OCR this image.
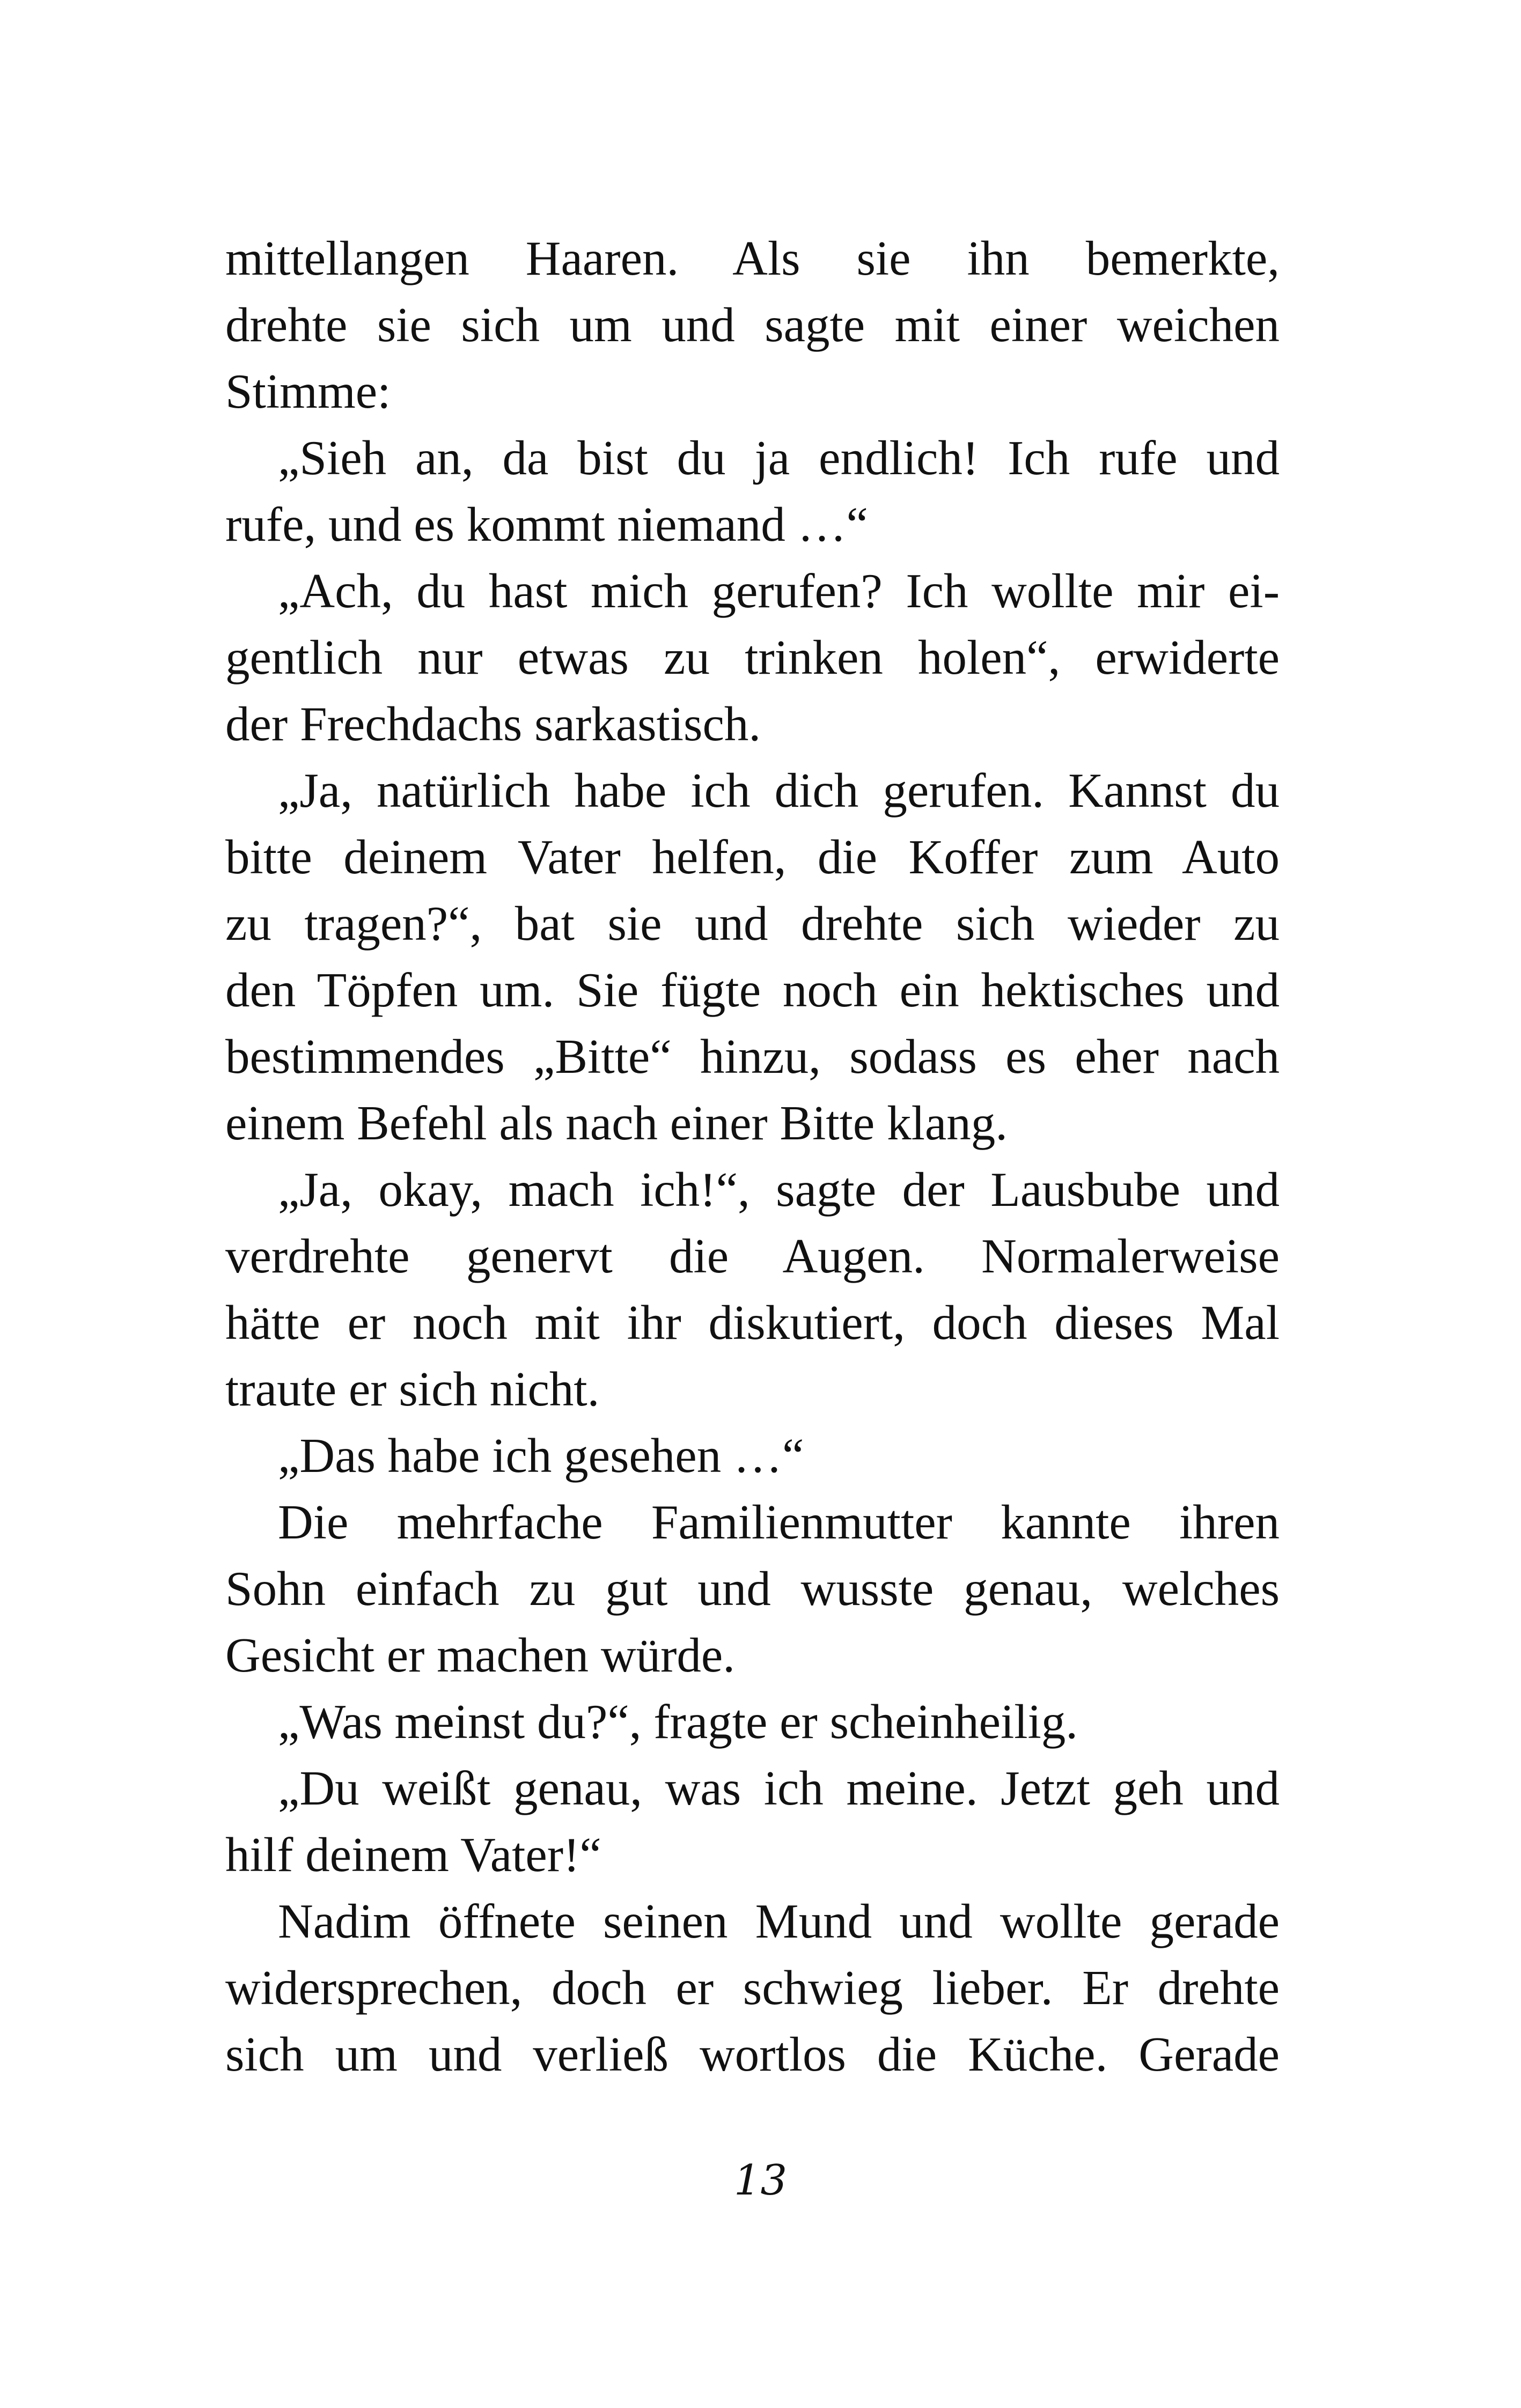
mittellangen Haaren. Als sie ihn bemerkte,
drehte sie sich um und sagte mit einer weichen
Stimme:
„Sieh an, da bist du ja endlich! Ich rufe und
rufe, und es kommt niemand …“
„Ach, du hast mich gerufen? Ich wollte mir ei-
gentlich nur etwas zu trinken holen“, erwiderte
der Frechdachs sarkastisch.
„Ja, natürlich habe ich dich gerufen. Kannst du
bitte deinem Vater helfen, die Koffer zum Auto
zu tragen?“, bat sie und drehte sich wieder zu
den Töpfen um. Sie fügte noch ein hektisches und
bestimmendes „Bitte“ hinzu, sodass es eher nach
einem Befehl als nach einer Bitte klang.
„Ja, okay, mach ich!“, sagte der Lausbube und
verdrehte genervt die Augen. Normalerweise
hätte er noch mit ihr diskutiert, doch dieses Mal
traute er sich nicht.
„Das habe ich gesehen …“
Die mehrfache Familienmutter kannte ihren
Sohn einfach zu gut und wusste genau, welches
Gesicht er machen würde.
„Was meinst du?“, fragte er scheinheilig.
„Du weißt genau, was ich meine. Jetzt geh und
hilf deinem Vater!“
Nadim öffnete seinen Mund und wollte gerade
widersprechen, doch er schwieg lieber. Er drehte
sich um und verließ wortlos die Küche. Gerade
13
